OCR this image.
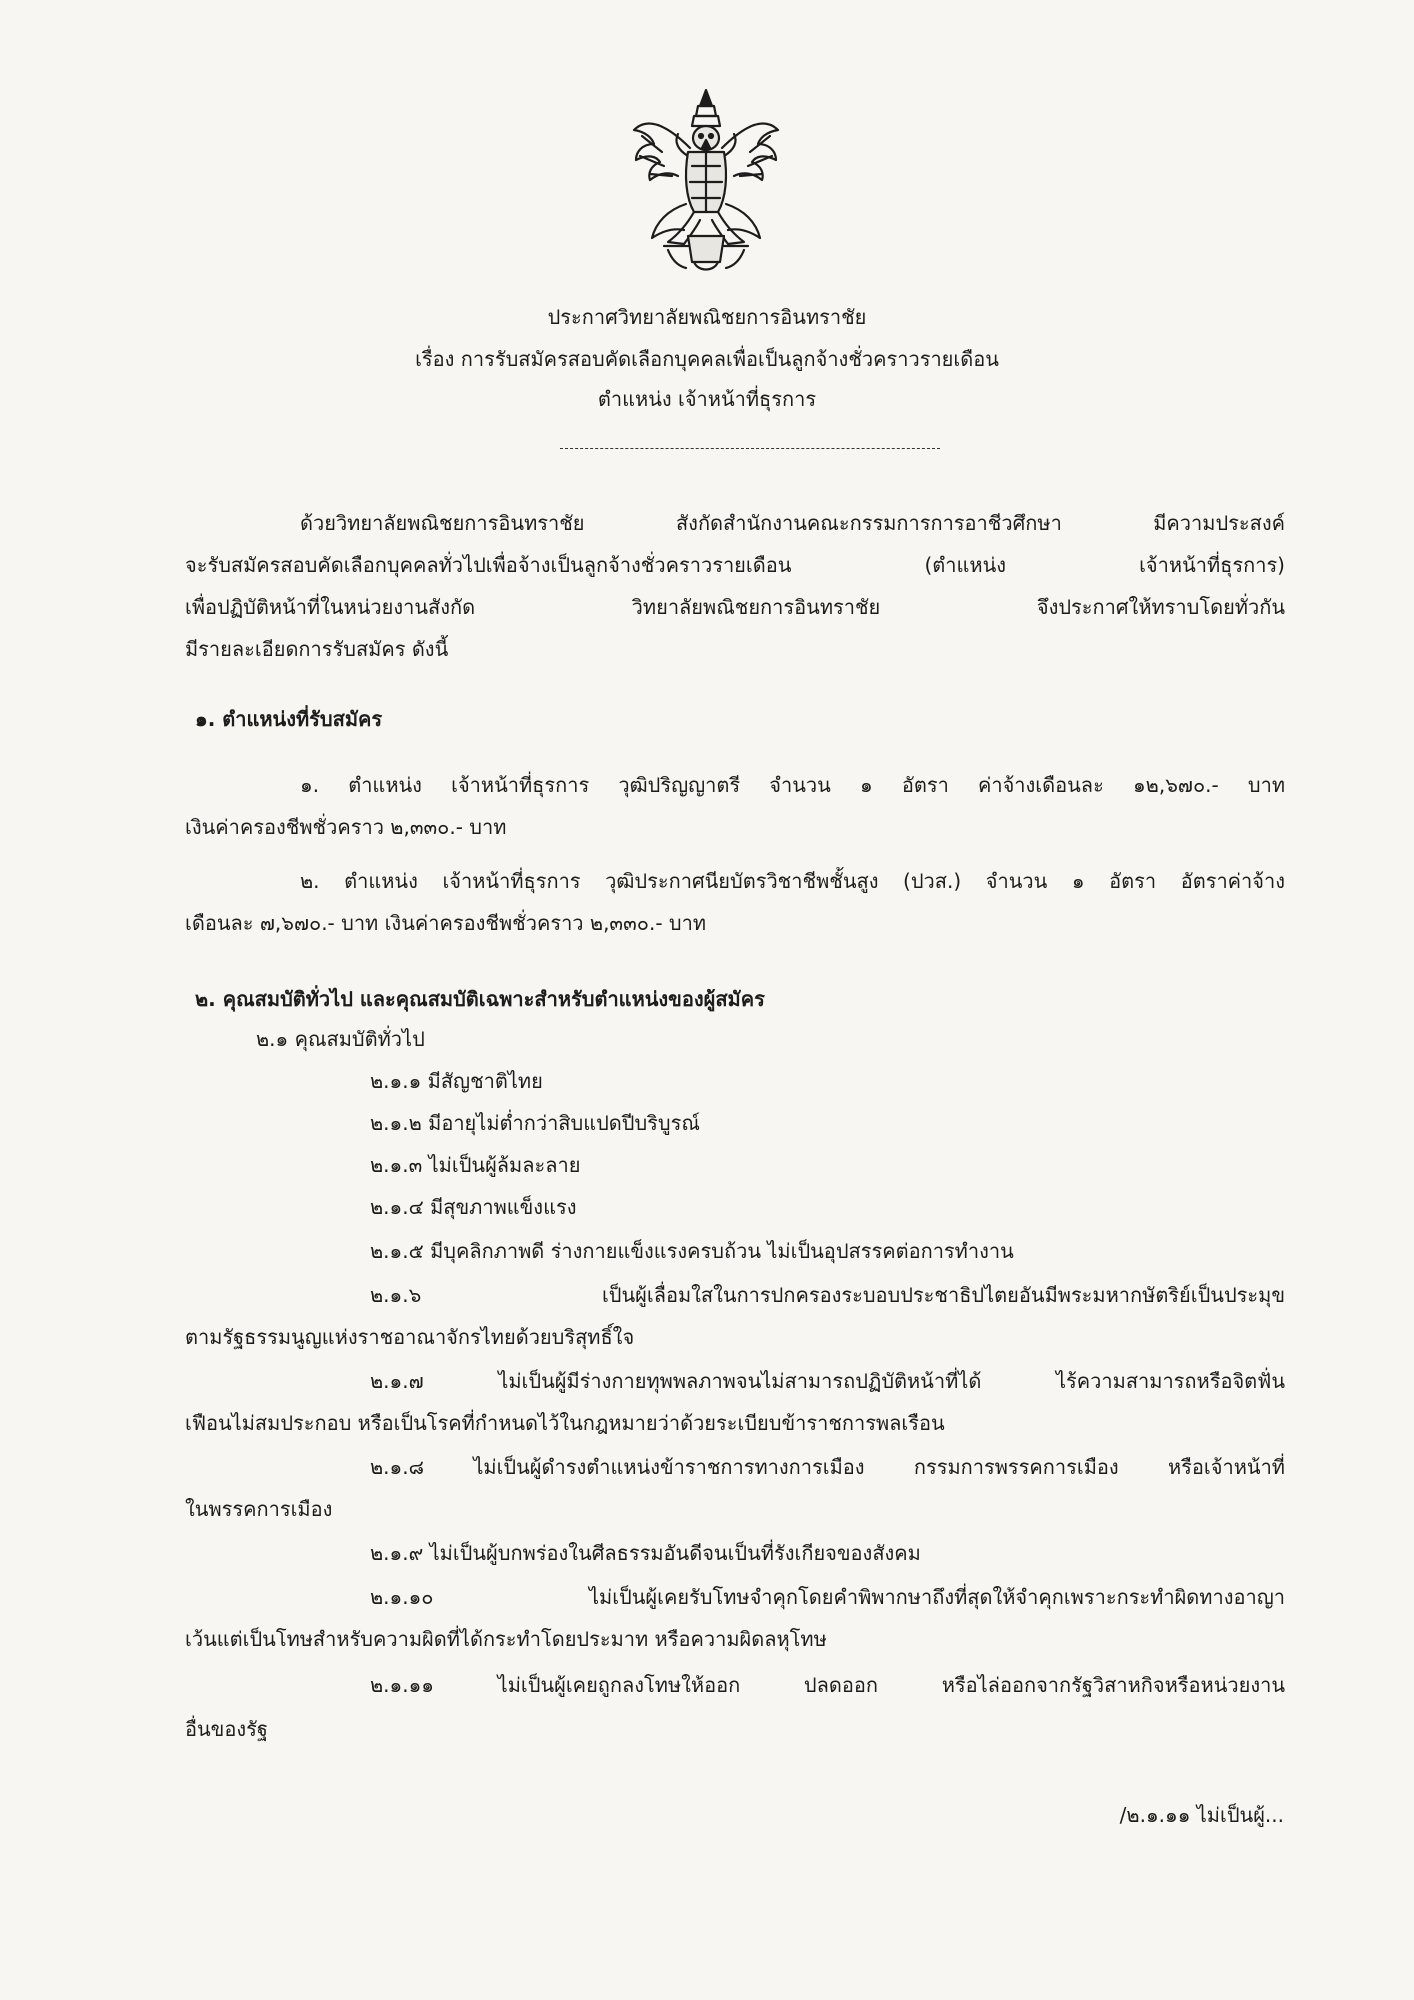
ประกาศวิทยาลัยพณิชยการอินทราชัย
เรื่อง การรับสมัครสอบคัดเลือกบุคคลเพื่อเป็นลูกจ้างชั่วคราวรายเดือน
ตำแหน่ง เจ้าหน้าที่ธุรการ
ด้วยวิทยาลัยพณิชยการอินทราชัย สังกัดสำนักงานคณะกรรมการการอาชีวศึกษา มีความประสงค์
จะรับสมัครสอบคัดเลือกบุคคลทั่วไปเพื่อจ้างเป็นลูกจ้างชั่วคราวรายเดือน (ตำแหน่ง เจ้าหน้าที่ธุรการ)
เพื่อปฏิบัติหน้าที่ในหน่วยงานสังกัด วิทยาลัยพณิชยการอินทราชัย จึงประกาศให้ทราบโดยทั่วกัน
มีรายละเอียดการรับสมัคร ดังนี้
๑. ตำแหน่งที่รับสมัคร
๑. ตำแหน่ง เจ้าหน้าที่ธุรการ วุฒิปริญญาตรี จำนวน ๑ อัตรา ค่าจ้างเดือนละ ๑๒,๖๗๐.- บาท
เงินค่าครองชีพชั่วคราว ๒,๓๓๐.- บาท
๒. ตำแหน่ง เจ้าหน้าที่ธุรการ วุฒิประกาศนียบัตรวิชาชีพชั้นสูง (ปวส.) จำนวน ๑ อัตรา อัตราค่าจ้าง
เดือนละ ๗,๖๗๐.- บาท เงินค่าครองชีพชั่วคราว ๒,๓๓๐.- บาท
๒. คุณสมบัติทั่วไป และคุณสมบัติเฉพาะสำหรับตำแหน่งของผู้สมัคร
๒.๑ คุณสมบัติทั่วไป
๒.๑.๑ มีสัญชาติไทย
๒.๑.๒ มีอายุไม่ต่ำกว่าสิบแปดปีบริบูรณ์
๒.๑.๓ ไม่เป็นผู้ล้มละลาย
๒.๑.๔ มีสุขภาพแข็งแรง
๒.๑.๕ มีบุคลิกภาพดี ร่างกายแข็งแรงครบถ้วน ไม่เป็นอุปสรรคต่อการทำงาน
๒.๑.๖ เป็นผู้เลื่อมใสในการปกครองระบอบประชาธิปไตยอันมีพระมหากษัตริย์เป็นประมุข
ตามรัฐธรรมนูญแห่งราชอาณาจักรไทยด้วยบริสุทธิ์ใจ
๒.๑.๗ ไม่เป็นผู้มีร่างกายทุพพลภาพจนไม่สามารถปฏิบัติหน้าที่ได้ ไร้ความสามารถหรือจิตฟั่น
เฟือนไม่สมประกอบ หรือเป็นโรคที่กำหนดไว้ในกฎหมายว่าด้วยระเบียบข้าราชการพลเรือน
๒.๑.๘ ไม่เป็นผู้ดำรงตำแหน่งข้าราชการทางการเมือง กรรมการพรรคการเมือง หรือเจ้าหน้าที่
ในพรรคการเมือง
๒.๑.๙ ไม่เป็นผู้บกพร่องในศีลธรรมอันดีจนเป็นที่รังเกียจของสังคม
๒.๑.๑๐ ไม่เป็นผู้เคยรับโทษจำคุกโดยคำพิพากษาถึงที่สุดให้จำคุกเพราะกระทำผิดทางอาญา
เว้นแต่เป็นโทษสำหรับความผิดที่ได้กระทำโดยประมาท หรือความผิดลหุโทษ
๒.๑.๑๑ ไม่เป็นผู้เคยถูกลงโทษให้ออก ปลดออก หรือไล่ออกจากรัฐวิสาหกิจหรือหน่วยงาน
อื่นของรัฐ
/๒.๑.๑๑ ไม่เป็นผู้...
